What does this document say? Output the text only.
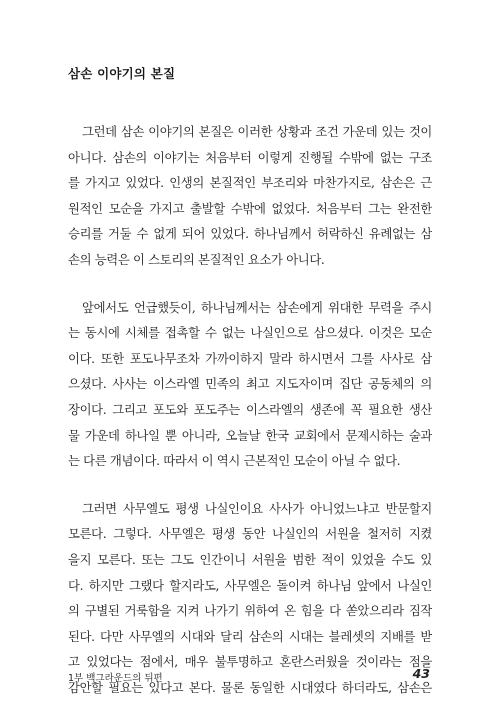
삼손 이야기의 본질
그런데 삼손 이야기의 본질은 이러한 상황과 조건 가운데 있는 것이
아니다. 삼손의 이야기는 처음부터 이렇게 진행될 수밖에 없는 구조
를 가지고 있었다. 인생의 본질적인 부조리와 마찬가지로, 삼손은 근
원적인 모순을 가지고 출발할 수밖에 없었다. 처음부터 그는 완전한
승리를 거둘 수 없게 되어 있었다. 하나님께서 허락하신 유례없는 삼
손의 능력은 이 스토리의 본질적인 요소가 아니다.
앞에서도 언급했듯이, 하나님께서는 삼손에게 위대한 무력을 주시
는 동시에 시체를 접촉할 수 없는 나실인으로 삼으셨다. 이것은 모순
이다. 또한 포도나무조차 가까이하지 말라 하시면서 그를 사사로 삼
으셨다. 사사는 이스라엘 민족의 최고 지도자이며 집단 공동체의 의
장이다. 그리고 포도와 포도주는 이스라엘의 생존에 꼭 필요한 생산
물 가운데 하나일 뿐 아니라, 오늘날 한국 교회에서 문제시하는 술과
는 다른 개념이다. 따라서 이 역시 근본적인 모순이 아닐 수 없다.
그러면 사무엘도 평생 나실인이요 사사가 아니었느냐고 반문할지
모른다. 그렇다. 사무엘은 평생 동안 나실인의 서원을 철저히 지켰
을지 모른다. 또는 그도 인간이니 서원을 범한 적이 있었을 수도 있
다. 하지만 그랬다 할지라도, 사무엘은 돌이켜 하나님 앞에서 나실인
의 구별된 거룩함을 지켜 나가기 위하여 온 힘을 다 쏟았으리라 짐작
된다. 다만 사무엘의 시대와 달리 삼손의 시대는 블레셋의 지배를 받
고 있었다는 점에서, 매우 불투명하고 혼란스러웠을 것이라는 점을
감안할 필요는 있다고 본다. 물론 동일한 시대였다 하더라도, 삼손은
1부 백그라운드의 뒤편	43
